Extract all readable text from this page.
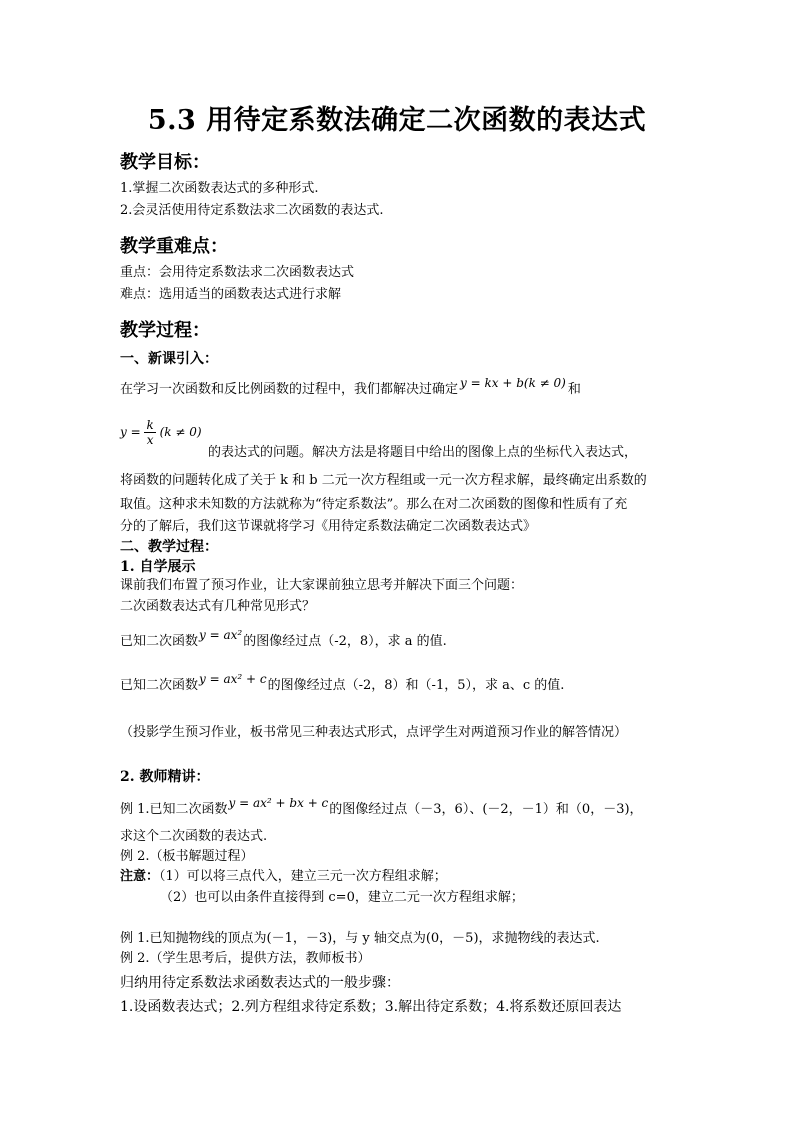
5.3 用待定系数法确定二次函数的表达式
教学目标：
1.掌握二次函数表达式的多种形式.
2.会灵活使用待定系数法求二次函数的表达式.
教学重难点：
重点：会用待定系数法求二次函数表达式
难点：选用适当的函数表达式进行求解
教学过程：
一、新课引入：
在学习一次函数和反比例函数的过程中，我们都解决过确定 y = kx + b(k ≠ 0) 和
$y = \frac{k}{x} (k \ne 0)$
的表达式的问题。解决方法是将题目中给出的图像上点的坐标代入表达式，
将函数的问题转化成了关于 k 和 b 二元一次方程组或一元一次方程求解，最终确定出系数的
取值。这种求未知数的方法就称为“待定系数法”。那么在对二次函数的图像和性质有了充
分的了解后，我们这节课就将学习《用待定系数法确定二次函数表达式》
二、教学过程：
1. 自学展示
课前我们布置了预习作业，让大家课前独立思考并解决下面三个问题：
二次函数表达式有几种常见形式？
已知二次函数y = ax²的图像经过点（-2，8），求 a 的值.
已知二次函数y = ax² + c的图像经过点（-2，8）和（-1，5），求 a、c 的值.
（投影学生预习作业，板书常见三种表达式形式，点评学生对两道预习作业的解答情况）
2. 教师精讲：
例 1.已知二次函数y = ax² + bx + c的图像经过点（－3，6）、(－2，－1）和（0，－3)，
求这个二次函数的表达式.
例 2.（板书解题过程）
注意：（1）可以将三点代入，建立三元一次方程组求解；
（2）也可以由条件直接得到 c=0，建立二元一次方程组求解；
例 1.已知抛物线的顶点为(－1，－3)，与 y 轴交点为(0，－5)，求抛物线的表达式.
例 2.（学生思考后，提供方法，教师板书）
归纳用待定系数法求函数表达式的一般步骤：
1.设函数表达式；2.列方程组求待定系数；3.解出待定系数；4.将系数还原回表达
